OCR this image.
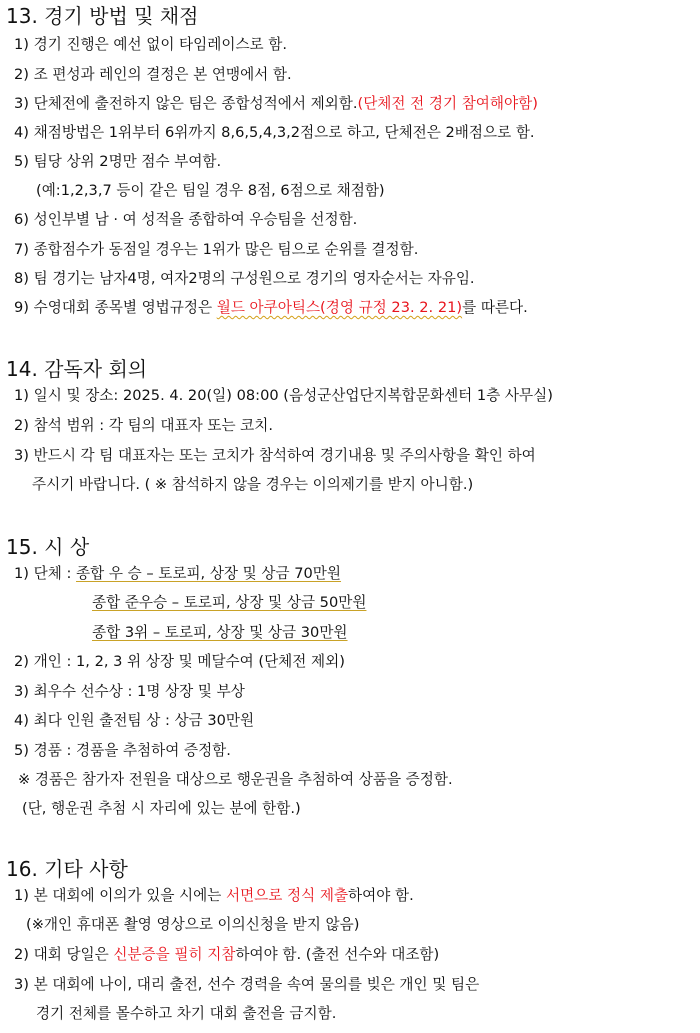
13. 경기 방법 및 채점
1) 경기 진행은 예선 없이 타임레이스로 함.
2) 조 편성과 레인의 결정은 본 연맹에서 함.
3) 단체전에 출전하지 않은 팀은 종합성적에서 제외함.(단체전 전 경기 참여해야함)
4) 채점방법은 1위부터 6위까지 8,6,5,4,3,2점으로 하고, 단체전은 2배점으로 함.
5) 팀당 상위 2명만 점수 부여함.
(예:1,2,3,7 등이 같은 팀일 경우 8점, 6점으로 채점함)
6) 성인부별 남 · 여 성적을 종합하여 우승팀을 선정함.
7) 종합점수가 동점일 경우는 1위가 많은 팀으로 순위를 결정함.
8) 팀 경기는 남자4명, 여자2명의 구성원으로 경기의 영자순서는 자유임.
9) 수영대회 종목별 영법규정은 월드 아쿠아틱스(경영 규정 23. 2. 21)를 따른다.
14. 감독자 회의
1) 일시 및 장소: 2025. 4. 20(일) 08:00 (음성군산업단지복합문화센터 1층 사무실)
2) 참석 범위 : 각 팀의 대표자 또는 코치.
3) 반드시 각 팀 대표자는 또는 코치가 참석하여 경기내용 및 주의사항을 확인 하여
주시기 바랍니다. ( ※ 참석하지 않을 경우는 이의제기를 받지 아니함.)
15. 시 상
1) 단체 : 종합 우 승 – 토로피, 상장 및 상금 70만원
종합 준우승 – 토로피, 상장 및 상금 50만원
종합 3위 – 토로피, 상장 및 상금 30만원
2) 개인 : 1, 2, 3 위 상장 및 메달수여 (단체전 제외)
3) 최우수 선수상 : 1명 상장 및 부상
4) 최다 인원 출전팀 상 : 상금 30만원
5) 경품 : 경품을 추첨하여 증정함.
※ 경품은 참가자 전원을 대상으로 행운권을 추첨하여 상품을 증정함.
(단, 행운권 추첨 시 자리에 있는 분에 한함.)
16. 기타 사항
1) 본 대회에 이의가 있을 시에는 서면으로 정식 제출하여야 함.
(※개인 휴대폰 촬영 영상으로 이의신청을 받지 않음)
2) 대회 당일은 신분증을 필히 지참하여야 함. (출전 선수와 대조함)
3) 본 대회에 나이, 대리 출전, 선수 경력을 속여 물의를 빚은 개인 및 팀은
경기 전체를 몰수하고 차기 대회 출전을 금지함.
